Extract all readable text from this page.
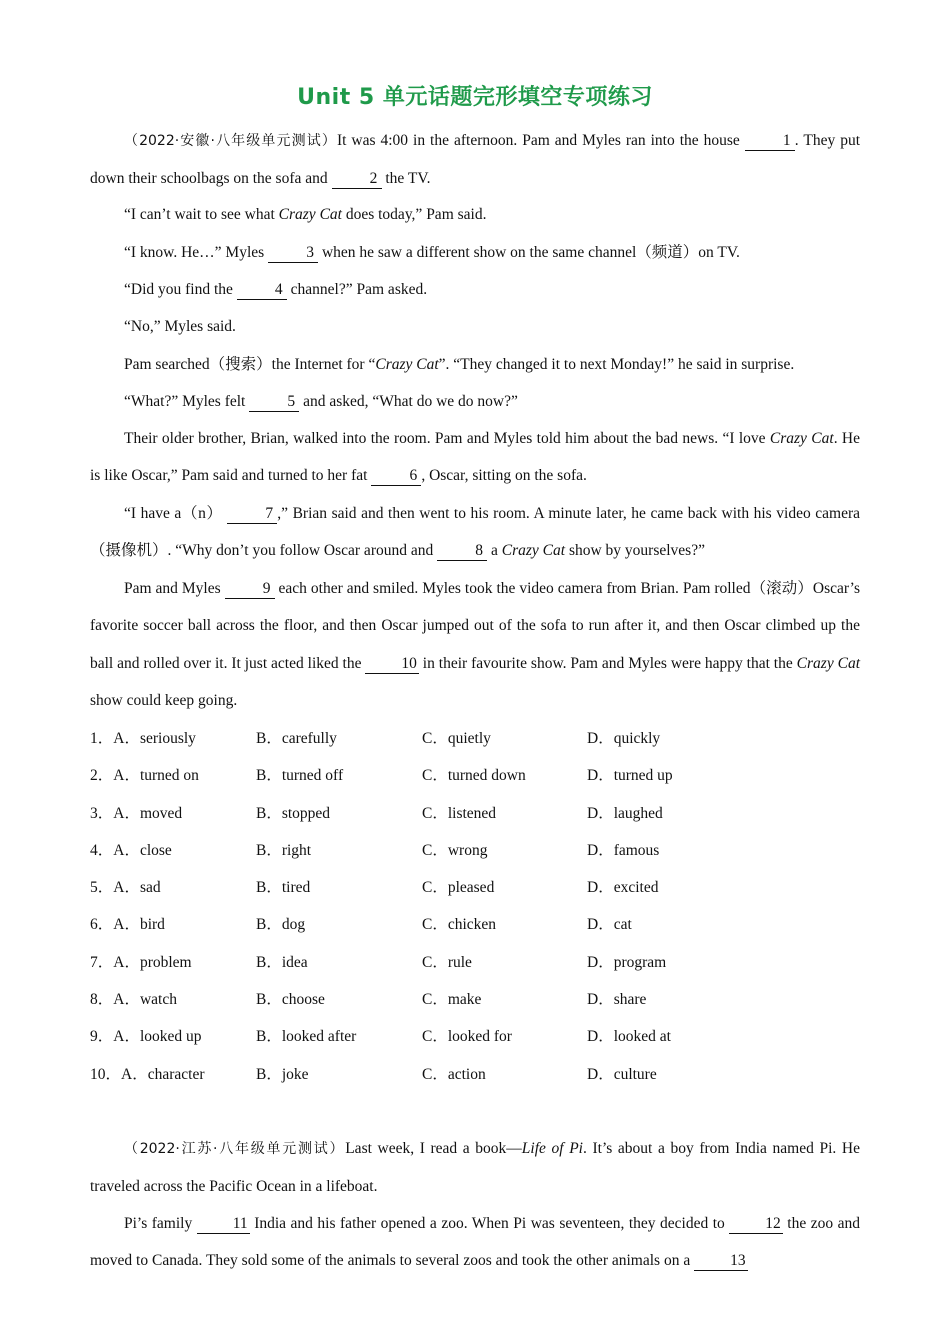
Unit 5 单元话题完形填空专项练习
（2022·安徽·八年级单元测试）It was 4:00 in the afternoon. Pam and Myles ran into the house 1 . They put down their schoolbags on the sofa and 2 the TV.
“I can’t wait to see what Crazy Cat does today,” Pam said.
“I know. He…” Myles 3 when he saw a different show on the same channel（频道）on TV.
“Did you find the 4 channel?” Pam asked.
“No,” Myles said.
Pam searched（搜索）the Internet for “Crazy Cat”. “They changed it to next Monday!” he said in surprise.
“What?” Myles felt 5 and asked, “What do we do now?”
Their older brother, Brian, walked into the room. Pam and Myles told him about the bad news. “I love Crazy Cat. He is like Oscar,” Pam said and turned to her fat 6 , Oscar, sitting on the sofa.
“I have a（n） 7 ,” Brian said and then went to his room. A minute later, he came back with his video camera（摄像机）. “Why don’t you follow Oscar around and 8 a Crazy Cat show by yourselves?”
Pam and Myles 9 each other and smiled. Myles took the video camera from Brian. Pam rolled（滚动）Oscar’s favorite soccer ball across the floor, and then Oscar jumped out of the sofa to run after it, and then Oscar climbed up the ball and rolled over it. It just acted liked the 10 in their favourite show. Pam and Myles were happy that the Crazy Cat show could keep going.
1．A．seriously	B．carefully	C．quietly	D．quickly
2．A．turned on	B．turned off	C．turned down	D．turned up
3．A．moved	B．stopped	C．listened	D．laughed
4．A．close	B．right	C．wrong	D．famous
5．A．sad	B．tired	C．pleased	D．excited
6．A．bird	B．dog	C．chicken	D．cat
7．A．problem	B．idea	C．rule	D．program
8．A．watch	B．choose	C．make	D．share
9．A．looked up	B．looked after	C．looked for	D．looked at
10．A．character	B．joke	C．action	D．culture
（2022·江苏·八年级单元测试）Last week, I read a book—Life of Pi. It’s about a boy from India named Pi. He traveled across the Pacific Ocean in a lifeboat.
Pi’s family 11 India and his father opened a zoo. When Pi was seventeen, they decided to 12 the zoo and moved to Canada. They sold some of the animals to several zoos and took the other animals on a 13
